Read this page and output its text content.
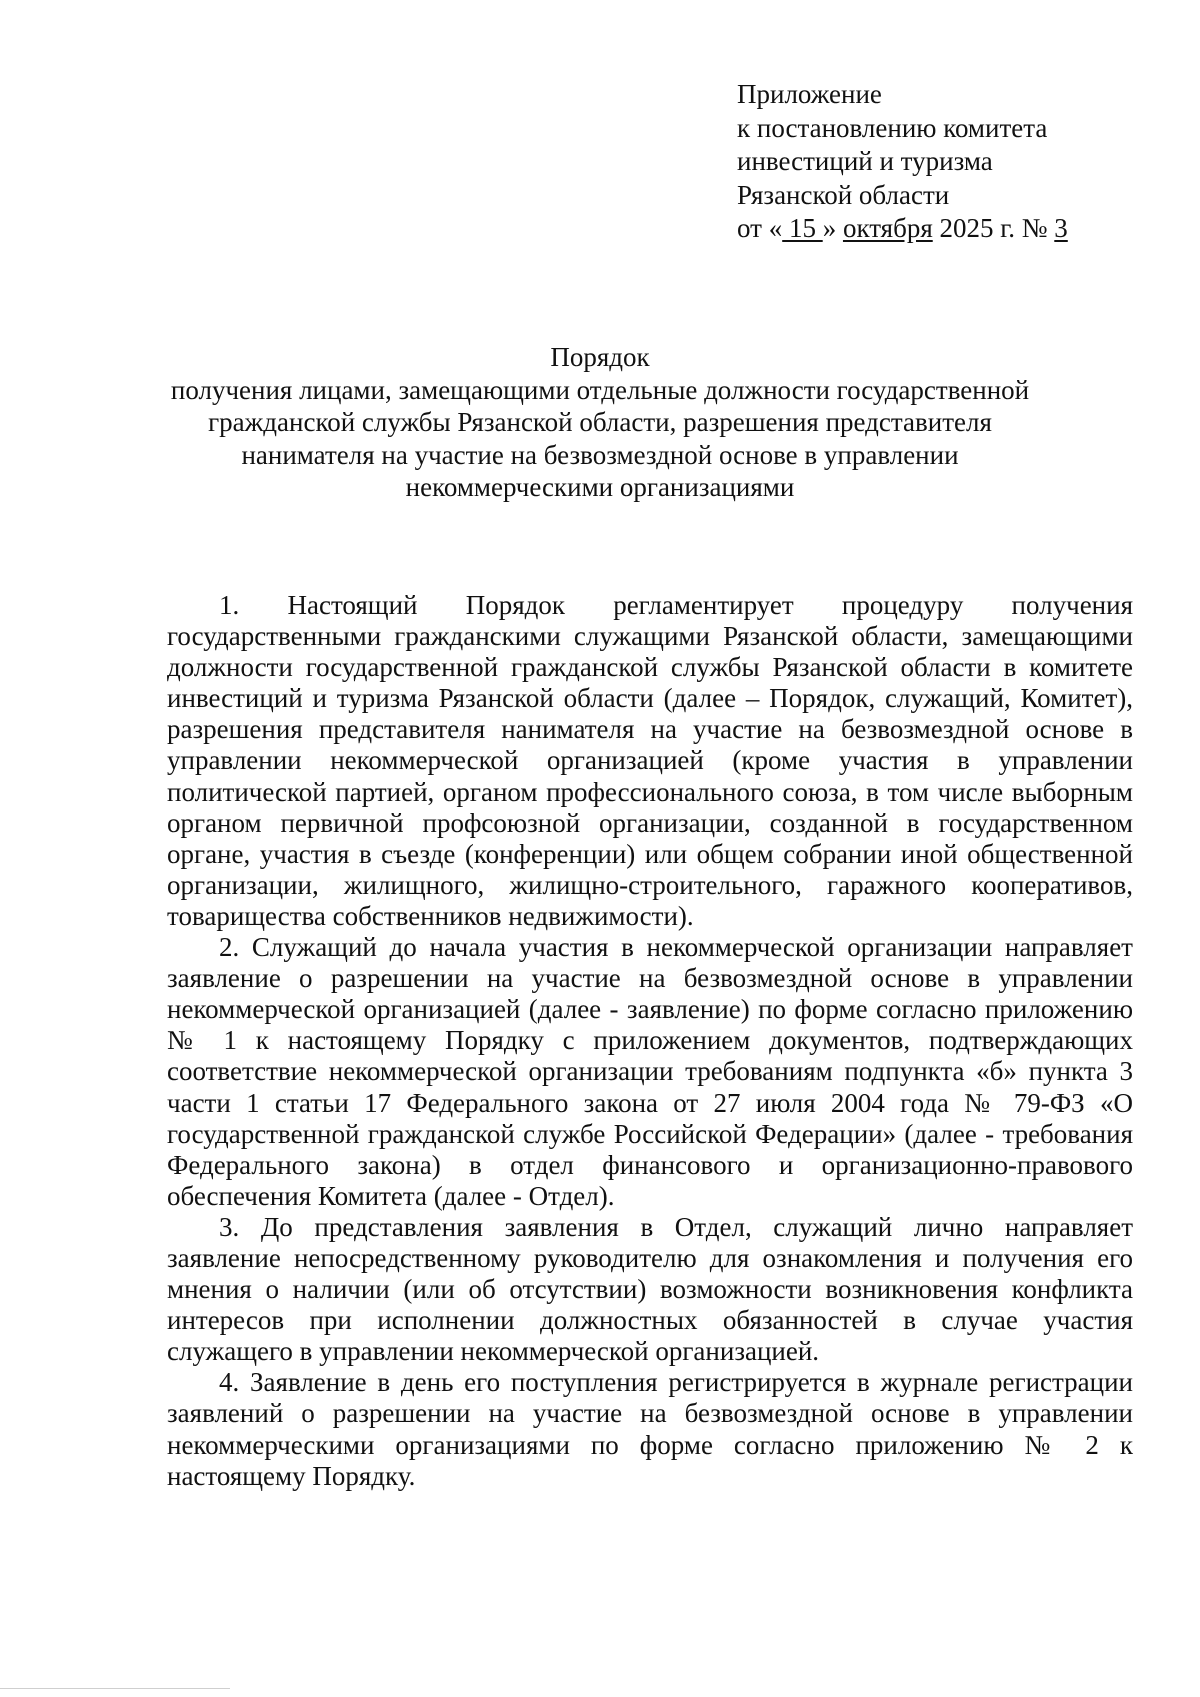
Приложение
к постановлению комитета
инвестиций и туризма
Рязанской области
от « 15 » октября 2025 г. № 3
Порядок
получения лицами, замещающими отдельные должности государственной
гражданской службы Рязанской области, разрешения представителя
нанимателя на участие на безвозмездной основе в управлении
некоммерческими организациями

1. Настоящий Порядок регламентирует процедуру получения государственными гражданскими служащими Рязанской области, замещающими должности государственной гражданской службы Рязанской области в комитете инвестиций и туризма Рязанской области (далее – Порядок, служащий, Комитет), разрешения представителя нанимателя на участие на безвозмездной основе в управлении некоммерческой организацией (кроме участия в управлении политической партией, органом профессионального союза, в том числе выборным органом первичной профсоюзной организации, созданной в государственном органе, участия в съезде (конференции) или общем собрании иной общественной организации, жилищного, жилищно-строительного, гаражного кооперативов, товарищества собственников недвижимости).

2. Служащий до начала участия в некоммерческой организации направляет заявление о разрешении на участие на безвозмездной основе в управлении некоммерческой организацией (далее - заявление) по форме согласно приложению № 1 к настоящему Порядку с приложением документов, подтверждающих соответствие некоммерческой организации требованиям подпункта «б» пункта 3 части 1 статьи 17 Федерального закона от 27 июля 2004 года № 79-ФЗ «О государственной гражданской службе Российской Федерации» (далее - требования Федерального закона) в отдел финансового и организационно-правового обеспечения Комитета (далее - Отдел).

3. До представления заявления в Отдел, служащий лично направляет заявление непосредственному руководителю для ознакомления и получения его мнения о наличии (или об отсутствии) возможности возникновения конфликта интересов при исполнении должностных обязанностей в случае участия служащего в управлении некоммерческой организацией.

4. Заявление в день его поступления регистрируется в журнале регистрации заявлений о разрешении на участие на безвозмездной основе в управлении некоммерческими организациями по форме согласно приложению № 2 к настоящему Порядку.
